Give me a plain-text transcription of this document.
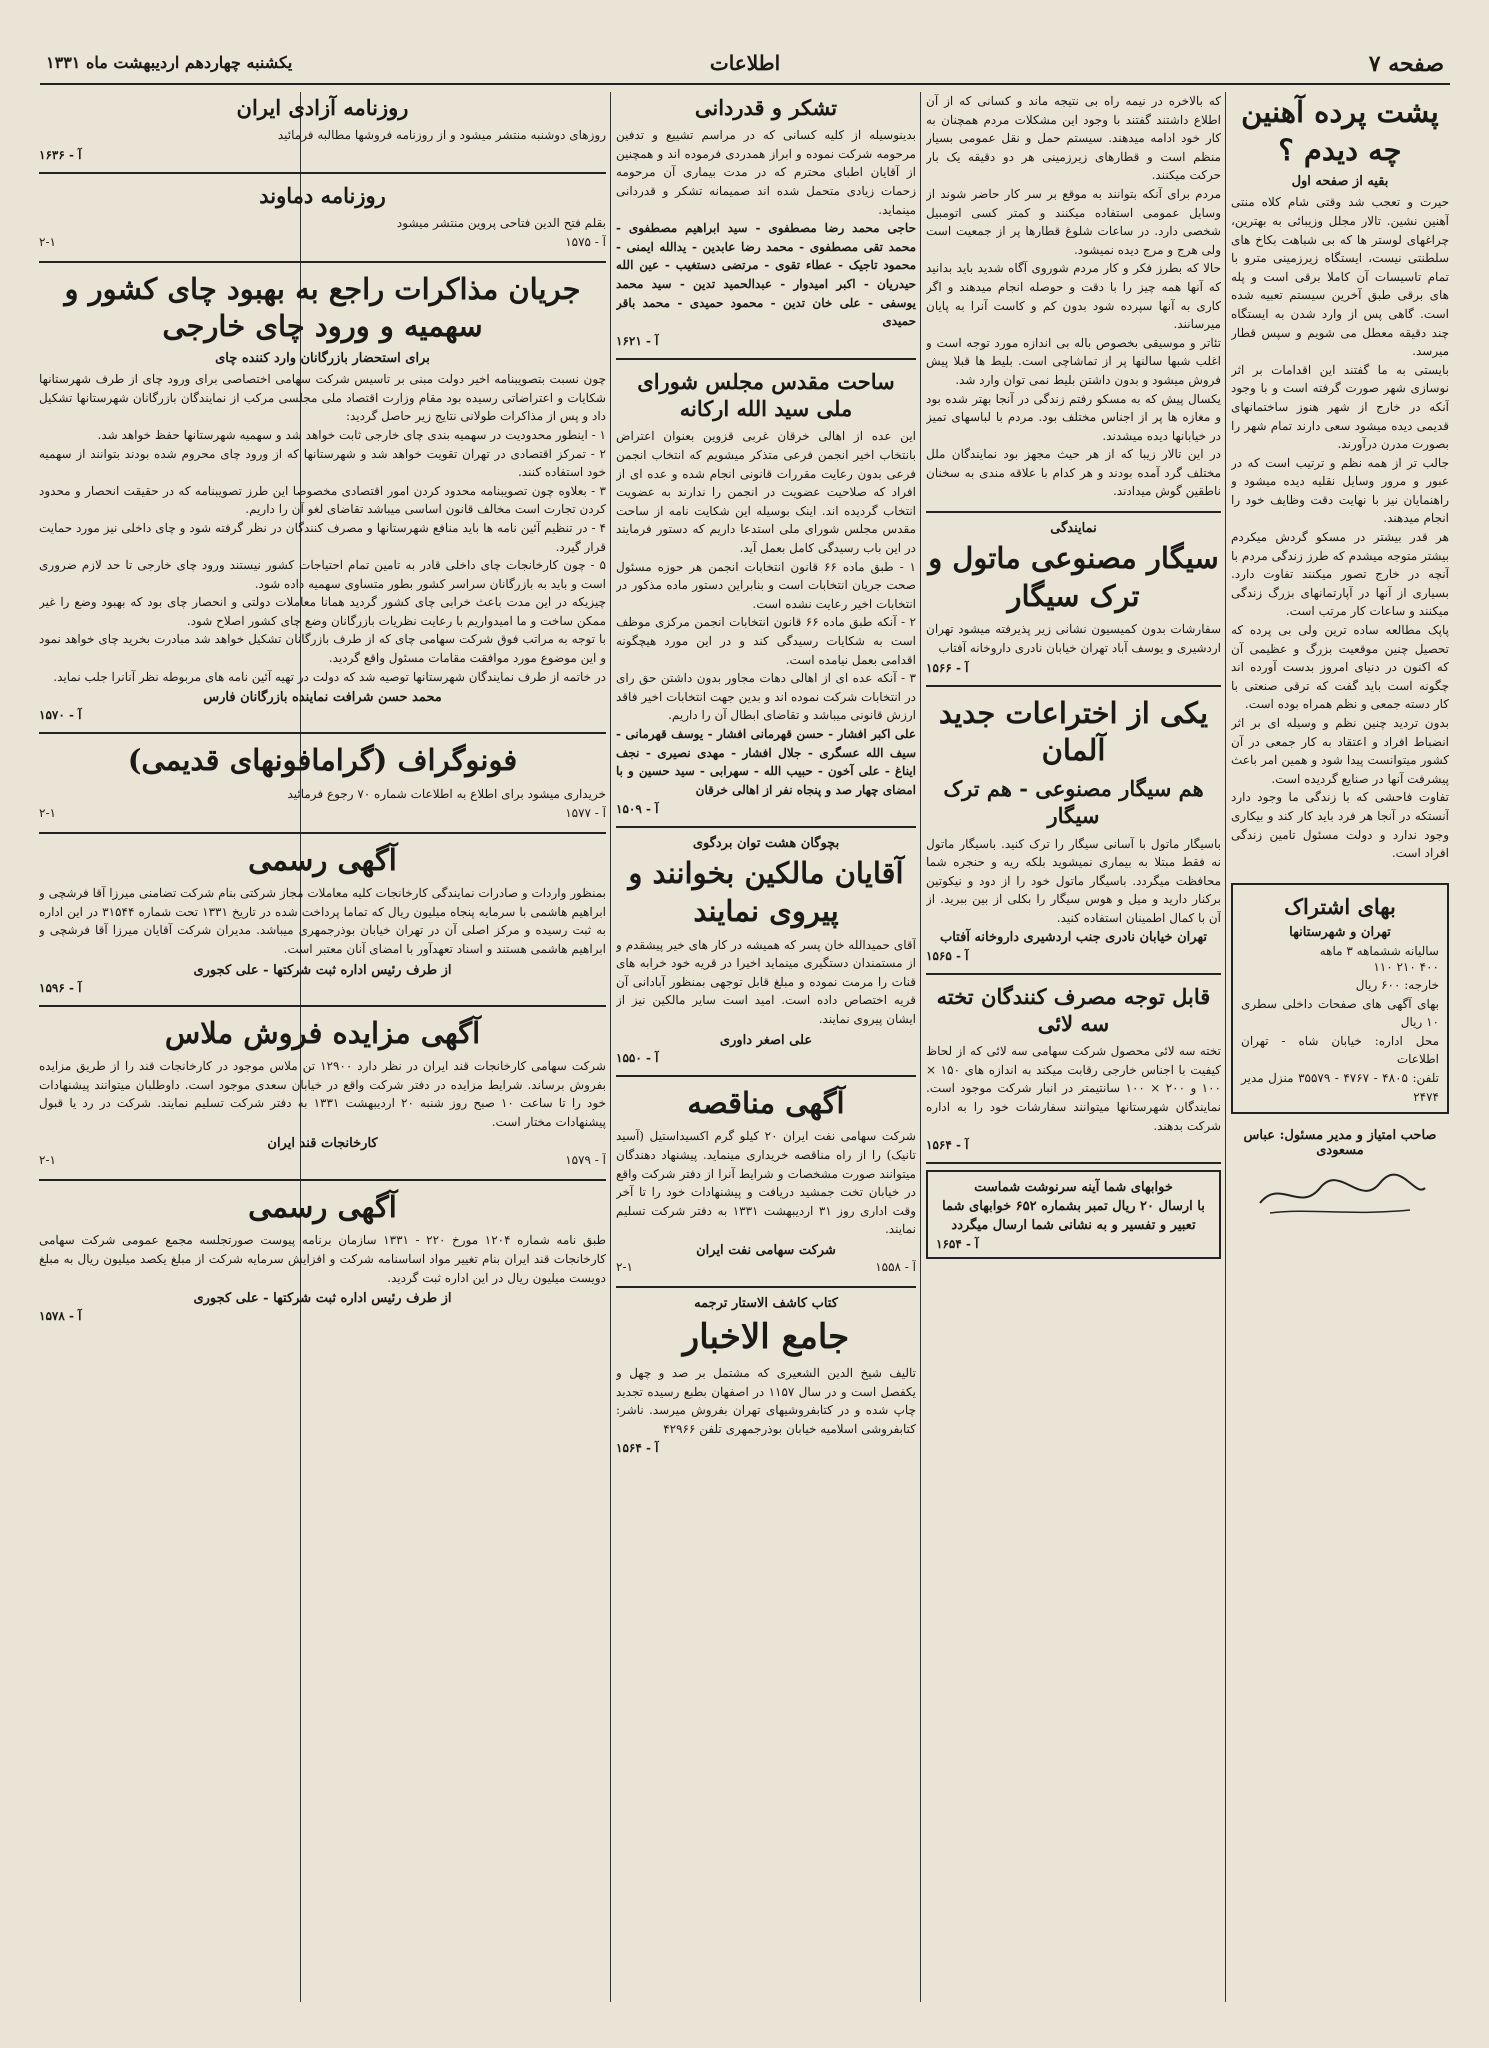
صفحه ۷
اطلاعات
یکشنبه چهاردهم اردیبهشت ماه ۱۳۳۱
پشت پرده آهنین چه دیدم ؟
بقیه از صفحه اول

حیرت و تعجب شد وقتی شام کلاه منتی آهنین نشین. تالار مجلل وزیبائی به بهترین، چراغهای لوستر ها که بی شباهت بکاخ های سلطنتی نیست، ایستگاه زیرزمینی مترو با تمام تاسیسات آن کاملا برقی است و پله های برقی طبق آخرین سیستم تعبیه شده است. گاهی پس از وارد شدن به ایستگاه چند دقیقه معطل می شویم و سپس قطار میرسد.

بایستی به ما گفتند این اقدامات بر اثر نوسازی شهر صورت گرفته است و با وجود آنکه در خارج از شهر هنوز ساختمانهای قدیمی دیده میشود سعی دارند تمام شهر را بصورت مدرن درآورند.

جالب تر از همه نظم و ترتیب است که در عبور و مرور وسایل نقلیه دیده میشود و راهنمایان نیز با نهایت دقت وظایف خود را انجام میدهند.

هر قدر بیشتر در مسکو گردش میکردم بیشتر متوجه میشدم که طرز زندگی مردم با آنچه در خارج تصور میکنند تفاوت دارد. بسیاری از آنها در آپارتمانهای بزرگ زندگی میکنند و ساعات کار مرتب است.

پاپک مطالعه ساده ترین ولی بی پرده که تحصیل چنین موقعیت بزرگ و عظیمی آن که اکنون در دنیای امروز بدست آورده اند چگونه است باید گفت که ترقی صنعتی با کار دسته جمعی و نظم همراه بوده است.

بدون تردید چنین نظم و وسیله ای بر اثر انضباط افراد و اعتقاد به کار جمعی در آن کشور میتوانست پیدا شود و همین امر باعث پیشرفت آنها در صنایع گردیده است.

تفاوت فاحشی که با زندگی ما وجود دارد آنستکه در آنجا هر فرد باید کار کند و بیکاری وجود ندارد و دولت مسئول تامین زندگی افراد است.

بهای اشتراک
تهران و شهرستانها
سالیانه ششماهه ۳ ماهه
۴۰۰ ۲۱۰ ۱۱۰
خارجه: ۶۰۰ ریال
بهای آگهی های صفحات داخلی سطری ۱۰ ریال
محل اداره: خیابان شاه - تهران اطلاعات
تلفن: ۴۸۰۵ - ۴۷۶۷ - ۳۵۵۷۹ منزل مدیر ۲۴۷۴
صاحب امتیاز و مدیر مسئول: عباس مسعودی

که بالاخره در نیمه راه بی نتیجه ماند و کسانی که از آن اطلاع داشتند گفتند با وجود این مشکلات مردم همچنان به کار خود ادامه میدهند. سیستم حمل و نقل عمومی بسیار منظم است و قطارهای زیرزمینی هر دو دقیقه یک بار حرکت میکنند.

مردم برای آنکه بتوانند به موقع بر سر کار حاضر شوند از وسایل عمومی استفاده میکنند و کمتر کسی اتومبیل شخصی دارد. در ساعات شلوغ قطارها پر از جمعیت است ولی هرج و مرج دیده نمیشود.

حالا که بطرز فکر و کار مردم شوروی آگاه شدید باید بدانید که آنها همه چیز را با دقت و حوصله انجام میدهند و اگر کاری به آنها سپرده شود بدون کم و کاست آنرا به پایان میرسانند.

تئاتر و موسیقی بخصوص باله بی اندازه مورد توجه است و اغلب شبها سالنها پر از تماشاچی است. بلیط ها قبلا پیش فروش میشود و بدون داشتن بلیط نمی توان وارد شد.

یکسال پیش که به مسکو رفتم زندگی در آنجا بهتر شده بود و مغازه ها پر از اجناس مختلف بود. مردم با لباسهای تمیز در خیابانها دیده میشدند.

در این تالار زیبا که از هر حیث مجهز بود نمایندگان ملل مختلف گرد آمده بودند و هر کدام با علاقه مندی به سخنان ناطقین گوش میدادند.

نمایندگی
سیگار مصنوعی ماتول و ترک سیگار

سفارشات بدون کمیسیون نشانی زیر پذیرفته میشود تهران اردشیری و یوسف آباد تهران خیابان نادری داروخانه آفتاب

آ - ۱۵۶۶
یکی از اختراعات جدید آلمان
هم سیگار مصنوعی - هم ترک سیگار

باسیگار ماتول با آسانی سیگار را ترک کنید. باسیگار ماتول نه فقط مبتلا به بیماری نمیشوید بلکه ریه و حنجره شما محافظت میگردد. باسیگار ماتول خود را از دود و نیکوتین برکنار دارید و میل و هوس سیگار را بکلی از بین ببرید. از آن با کمال اطمینان استفاده کنید.

تهران خیابان نادری جنب اردشیری داروخانه آفتاب
آ - ۱۵۶۵
قابل توجه مصرف کنندگان تخته سه لائی

تخته سه لائی محصول شرکت سهامی سه لائی که از لحاظ کیفیت با اجناس خارجی رقابت میکند به اندازه های ۱۵۰ × ۱۰۰ و ۲۰۰ × ۱۰۰ سانتیمتر در انبار شرکت موجود است. نمایندگان شهرستانها میتوانند سفارشات خود را به اداره شرکت بدهند.

آ - ۱۵۶۴
خوابهای شما آینه سرنوشت شماست
با ارسال ۲۰ ریال تمبر بشماره ۶۵۲ خوابهای شما
تعبیر و تفسیر و به نشانی شما ارسال میگردد
آ - ۱۶۵۴
تشکر و قدردانی

بدینوسیله از کلیه کسانی که در مراسم تشییع و تدفین مرحومه شرکت نموده و ابراز همدردی فرموده اند و همچنین از آقایان اطبای محترم که در مدت بیماری آن مرحومه زحمات زیادی متحمل شده اند صمیمانه تشکر و قدردانی مینماید.

حاجی محمد رضا مصطفوی - سید ابراهیم مصطفوی - محمد تقی مصطفوی - محمد رضا عابدین - یدالله ایمنی - محمود تاجیک - عطاء تقوی - مرتضی دستغیب - عین الله حیدریان - اکبر امیدوار - عبدالحمید تدین - سید محمد یوسفی - علی خان تدین - محمود حمیدی - محمد باقر حمیدی

آ - ۱۶۲۱
ساحت مقدس مجلس شورای ملی سید الله ارکانه

این عده از اهالی خرقان غربی قزوین بعنوان اعتراض بانتخاب اخیر انجمن فرعی متذکر میشویم که انتخاب انجمن فرعی بدون رعایت مقررات قانونی انجام شده و عده ای از افراد که صلاحیت عضویت در انجمن را ندارند به عضویت انتخاب گردیده اند. اینک بوسیله این شکایت نامه از ساحت مقدس مجلس شورای ملی استدعا داریم که دستور فرمایند در این باب رسیدگی کامل بعمل آید.

۱ - طبق ماده ۶۶ قانون انتخابات انجمن هر حوزه مسئول صحت جریان انتخابات است و بنابراین دستور ماده مذکور در انتخابات اخیر رعایت نشده است.

۲ - آنکه طبق ماده ۶۶ قانون انتخابات انجمن مرکزی موظف است به شکایات رسیدگی کند و در این مورد هیچگونه اقدامی بعمل نیامده است.

۳ - آنکه عده ای از اهالی دهات مجاور بدون داشتن حق رای در انتخابات شرکت نموده اند و بدین جهت انتخابات اخیر فاقد ارزش قانونی میباشد و تقاضای ابطال آن را داریم.

علی اکبر افشار - حسن قهرمانی افشار - یوسف قهرمانی - سیف الله عسگری - جلال افشار - مهدی نصیری - نجف ایناغ - علی آخون - حبیب الله - سهرابی - سید حسین و با امضای چهار صد و پنجاه نفر از اهالی خرقان

آ - ۱۵۰۹
بچوگان هشت توان بردگوی
آقایان مالکین بخوانند و پیروی نمایند

آقای حمیدالله خان پسر که همیشه در کار های خیر پیشقدم و از مستمندان دستگیری مینماید اخیرا در قریه خود خرابه های قنات را مرمت نموده و مبلغ قابل توجهی بمنظور آبادانی آن قریه اختصاص داده است. امید است سایر مالکین نیز از ایشان پیروی نمایند.

علی اصغر داوری
آ - ۱۵۵۰
آگهی مناقصه

شرکت سهامی نفت ایران ۲۰ کیلو گرم اکسیداستیل (آسید تانیک) را از راه مناقصه خریداری مینماید. پیشنهاد دهندگان میتوانند صورت مشخصات و شرایط آنرا از دفتر شرکت واقع در خیابان تخت جمشید دریافت و پیشنهادات خود را تا آخر وقت اداری روز ۳۱ اردیبهشت ۱۳۳۱ به دفتر شرکت تسلیم نمایند.

شرکت سهامی نفت ایران
آ - ۱۵۵۸
۲-۱
کتاب کاشف الاستار ترجمه
جامع الاخبار

تالیف شیخ الدین الشعیری که مشتمل بر صد و چهل و یکفصل است و در سال ۱۱۵۷ در اصفهان بطبع رسیده تجدید چاپ شده و در کتابفروشیهای تهران بفروش میرسد. ناشر: کتابفروشی اسلامیه خیابان بوذرجمهری تلفن ۴۲۹۶۶

آ - ۱۵۶۴
روزنامه آزادی ایران

روزهای دوشنبه منتشر میشود و از روزنامه فروشها مطالبه فرمائید

آ - ۱۶۳۶
روزنامه دماوند

بقلم فتح الدین فتاحی پروین منتشر میشود

آ - ۱۵۷۵
۲-۱
جریان مذاکرات راجع به بهبود چای کشور و سهمیه و ورود چای خارجی
برای استحضار بازرگانان وارد کننده چای

چون نسبت بتصویبنامه اخیر دولت مبنی بر تاسیس شرکت سهامی اختصاصی برای ورود چای از طرف شهرستانها شکایات و اعتراضاتی رسیده بود مقام وزارت اقتصاد ملی مجلسی مرکب از نمایندگان بازرگانان شهرستانها تشکیل داد و پس از مذاکرات طولانی نتایج زیر حاصل گردید:

۱ - اینطور محدودیت در سهمیه بندی چای خارجی ثابت خواهد شد و سهمیه شهرستانها حفظ خواهد شد.

۲ - تمرکز اقتصادی در تهران تقویت خواهد شد و شهرستانها که از ورود چای محروم شده بودند بتوانند از سهمیه خود استفاده کنند.

۳ - بعلاوه چون تصویبنامه محدود کردن امور اقتصادی مخصوصا این طرز تصویبنامه که در حقیقت انحصار و محدود کردن تجارت است مخالف قانون اساسی میباشد تقاضای لغو آن را داریم.

۴ - در تنظیم آئین نامه ها باید منافع شهرستانها و مصرف کنندگان در نظر گرفته شود و چای داخلی نیز مورد حمایت قرار گیرد.

۵ - چون کارخانجات چای داخلی قادر به تامین تمام احتیاجات کشور نیستند ورود چای خارجی تا حد لازم ضروری است و باید به بازرگانان سراسر کشور بطور متساوی سهمیه داده شود.

چیزیکه در این مدت باعث خرابی چای کشور گردید همانا معاملات دولتی و انحصار چای بود که بهبود وضع را غیر ممکن ساخت و ما امیدواریم با رعایت نظریات بازرگانان وضع چای کشور اصلاح شود.

با توجه به مراتب فوق شرکت سهامی چای که از طرف بازرگانان تشکیل خواهد شد مبادرت بخرید چای خواهد نمود و این موضوع مورد موافقت مقامات مسئول واقع گردید.

در خاتمه از طرف نمایندگان شهرستانها توصیه شد که دولت در تهیه آئین نامه های مربوطه نظر آنانرا جلب نماید.

محمد حسن شرافت نماینده بازرگانان فارس
آ - ۱۵۷۰
فونوگراف (گرامافونهای قدیمی)

خریداری میشود برای اطلاع به اطلاعات شماره ۷۰ رجوع فرمائید

آ - ۱۵۷۷
۲-۱
آگهی رسمی

بمنظور واردات و صادرات نمایندگی کارخانجات کلیه معاملات مجاز شرکتی بنام شرکت تضامنی میرزا آقا فرشچی و ابراهیم هاشمی با سرمایه پنجاه میلیون ریال که تماما پرداخت شده در تاریخ ۱۳۳۱ تحت شماره ۳۱۵۴۴ در این اداره به ثبت رسیده و مرکز اصلی آن در تهران خیابان بوذرجمهری میباشد. مدیران شرکت آقایان میرزا آقا فرشچی و ابراهیم هاشمی هستند و اسناد تعهدآور با امضای آنان معتبر است.

از طرف رئیس اداره ثبت شرکتها - علی کجوری
آ - ۱۵۹۶
آگهی مزایده فروش ملاس

شرکت سهامی کارخانجات قند ایران در نظر دارد ۱۲۹۰۰ تن ملاس موجود در کارخانجات قند را از طریق مزایده بفروش برساند. شرایط مزایده در دفتر شرکت واقع در خیابان سعدی موجود است. داوطلبان میتوانند پیشنهادات خود را تا ساعت ۱۰ صبح روز شنبه ۲۰ اردیبهشت ۱۳۳۱ به دفتر شرکت تسلیم نمایند. شرکت در رد یا قبول پیشنهادات مختار است.

کارخانجات قند ایران
آ - ۱۵۷۹
۲-۱
آگهی رسمی

طبق نامه شماره ۱۲۰۴ مورخ ۲۲۰ - ۱۳۳۱ سازمان برنامه پیوست صورتجلسه مجمع عمومی شرکت سهامی کارخانجات قند ایران بنام تغییر مواد اساسنامه شرکت و افزایش سرمایه شرکت از مبلغ یکصد میلیون ریال به مبلغ دویست میلیون ریال در این اداره ثبت گردید.

از طرف رئیس اداره ثبت شرکتها - علی کجوری
آ - ۱۵۷۸
